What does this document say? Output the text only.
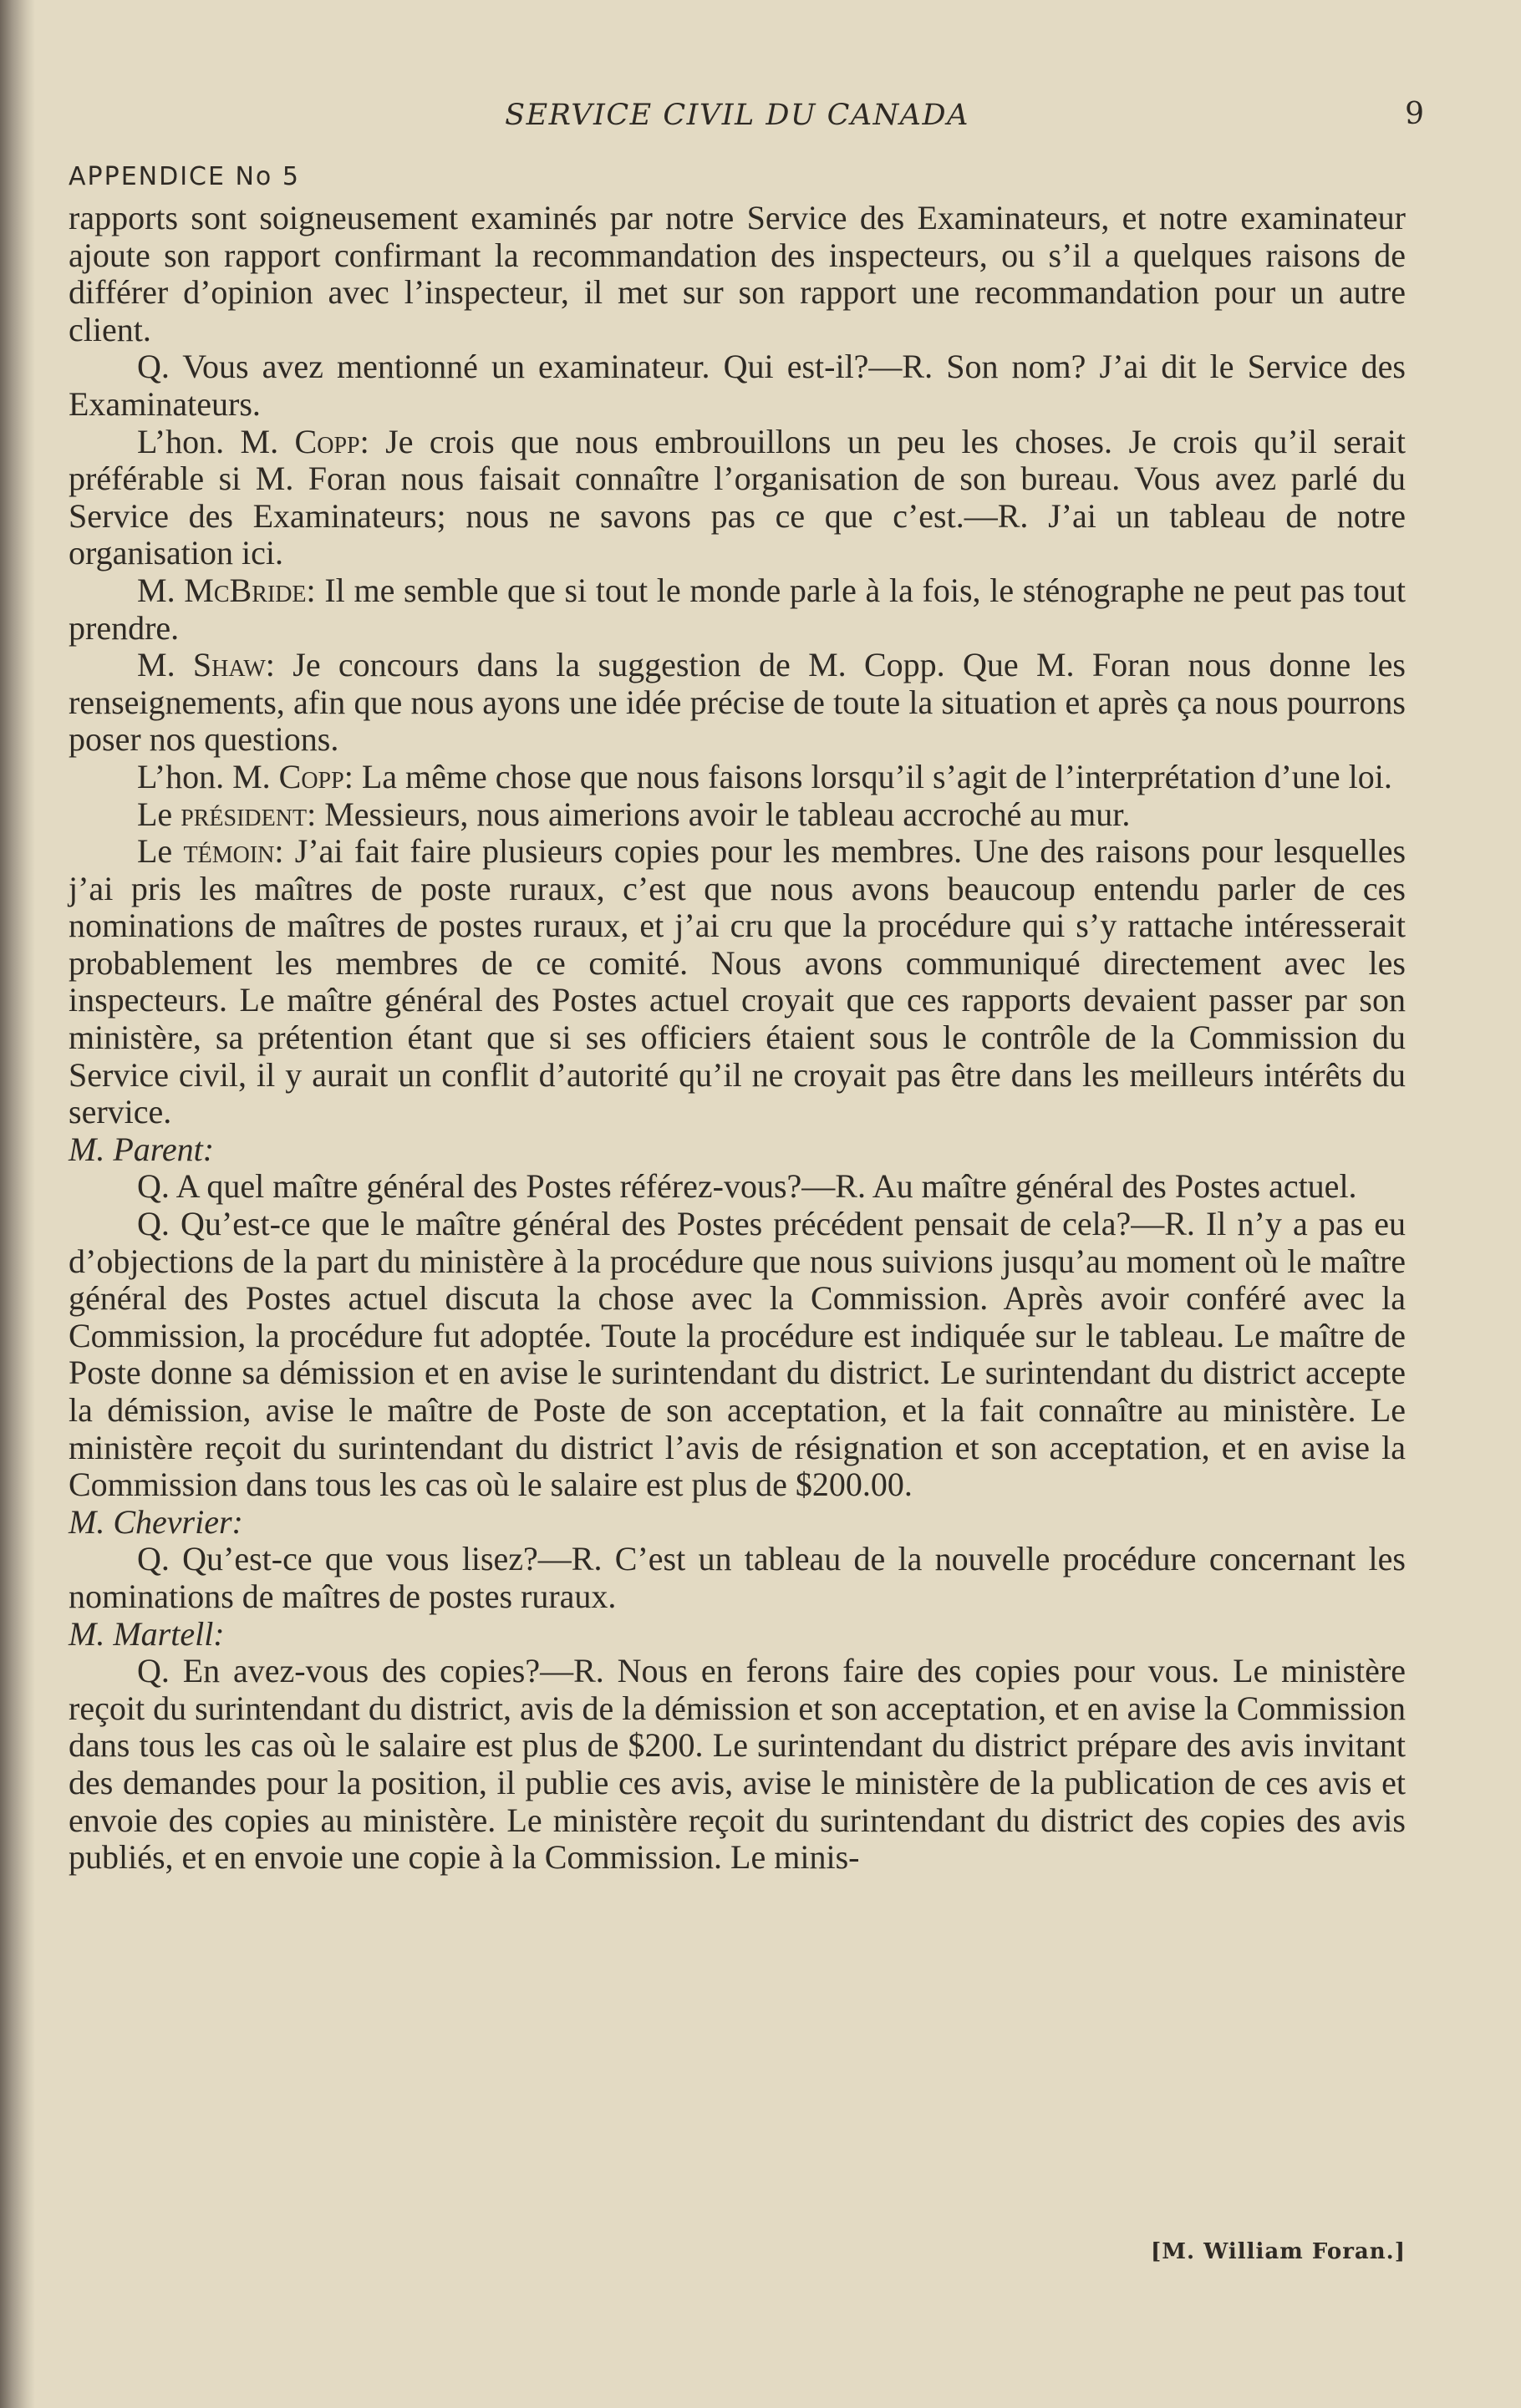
SERVICE CIVIL DU CANADA	9
APPENDICE No 5

rapports sont soigneusement examinés par notre Service des Examinateurs, et notre examinateur ajoute son rapport confirmant la recommandation des inspecteurs, ou s’il a quelques raisons de différer d’opinion avec l’inspecteur, il met sur son rapport une recommandation pour un autre client.

Q. Vous avez mentionné un examinateur. Qui est-il?—R. Son nom? J’ai dit le Service des Examinateurs.

L’hon. M. Copp: Je crois que nous embrouillons un peu les choses. Je crois qu’il serait préférable si M. Foran nous faisait connaître l’organisation de son bureau. Vous avez parlé du Service des Examinateurs; nous ne savons pas ce que c’est.—R. J’ai un tableau de notre organisation ici.

M. McBride: Il me semble que si tout le monde parle à la fois, le sténographe ne peut pas tout prendre.

M. Shaw: Je concours dans la suggestion de M. Copp. Que M. Foran nous donne les renseignements, afin que nous ayons une idée précise de toute la situation et après ça nous pourrons poser nos questions.

L’hon. M. Copp: La même chose que nous faisons lorsqu’il s’agit de l’interprétation d’une loi.

Le président: Messieurs, nous aimerions avoir le tableau accroché au mur.

Le témoin: J’ai fait faire plusieurs copies pour les membres. Une des raisons pour lesquelles j’ai pris les maîtres de poste ruraux, c’est que nous avons beaucoup entendu parler de ces nominations de maîtres de postes ruraux, et j’ai cru que la procédure qui s’y rattache intéresserait probablement les membres de ce comité. Nous avons communiqué directement avec les inspecteurs. Le maître général des Postes actuel croyait que ces rapports devaient passer par son ministère, sa prétention étant que si ses officiers étaient sous le contrôle de la Commission du Service civil, il y aurait un conflit d’autorité qu’il ne croyait pas être dans les meilleurs intérêts du service.

M. Parent:

Q. A quel maître général des Postes référez-vous?—R. Au maître général des Postes actuel.

Q. Qu’est-ce que le maître général des Postes précédent pensait de cela?—R. Il n’y a pas eu d’objections de la part du ministère à la procédure que nous suivions jusqu’au moment où le maître général des Postes actuel discuta la chose avec la Commission. Après avoir conféré avec la Commission, la procédure fut adoptée. Toute la procédure est indiquée sur le tableau. Le maître de Poste donne sa démission et en avise le surintendant du district. Le surintendant du district accepte la démission, avise le maître de Poste de son acceptation, et la fait connaître au ministère. Le ministère reçoit du surintendant du district l’avis de résignation et son acceptation, et en avise la Commission dans tous les cas où le salaire est plus de $200.00.

M. Chevrier:

Q. Qu’est-ce que vous lisez?—R. C’est un tableau de la nouvelle procédure concernant les nominations de maîtres de postes ruraux.

M. Martell:

Q. En avez-vous des copies?—R. Nous en ferons faire des copies pour vous. Le ministère reçoit du surintendant du district, avis de la démission et son acceptation, et en avise la Commission dans tous les cas où le salaire est plus de $200. Le surintendant du district prépare des avis invitant des demandes pour la position, il publie ces avis, avise le ministère de la publication de ces avis et envoie des copies au ministère. Le ministère reçoit du surintendant du district des copies des avis publiés, et en envoie une copie à la Commission. Le minis-

[M. William Foran.]
